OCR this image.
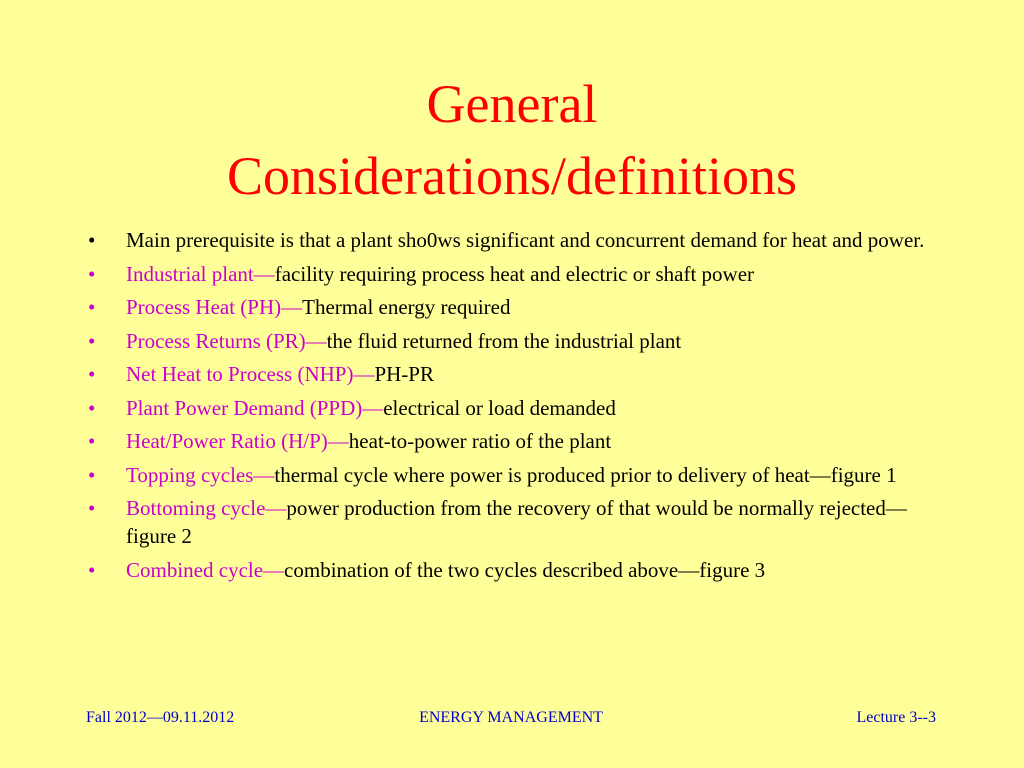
General
Considerations/definitions
• Main prerequisite is that a plant sho0ws significant and concurrent demand for heat and power.
• Industrial plant—facility requiring process heat and electric or shaft power
• Process Heat (PH)—Thermal energy required
• Process Returns (PR)—the fluid returned from the industrial plant
• Net Heat to Process (NHP)—PH-PR
• Plant Power Demand (PPD)—electrical or load demanded
• Heat/Power Ratio (H/P)—heat-to-power ratio of the plant
• Topping cycles—thermal cycle where power is produced prior to delivery of heat—figure 1
• Bottoming cycle—power production from the recovery of that would be normally rejected—figure 2
• Combined cycle—combination of the two cycles described above—figure 3
Fall 2012—09.11.2012	ENERGY MANAGEMENT	Lecture 3--3
